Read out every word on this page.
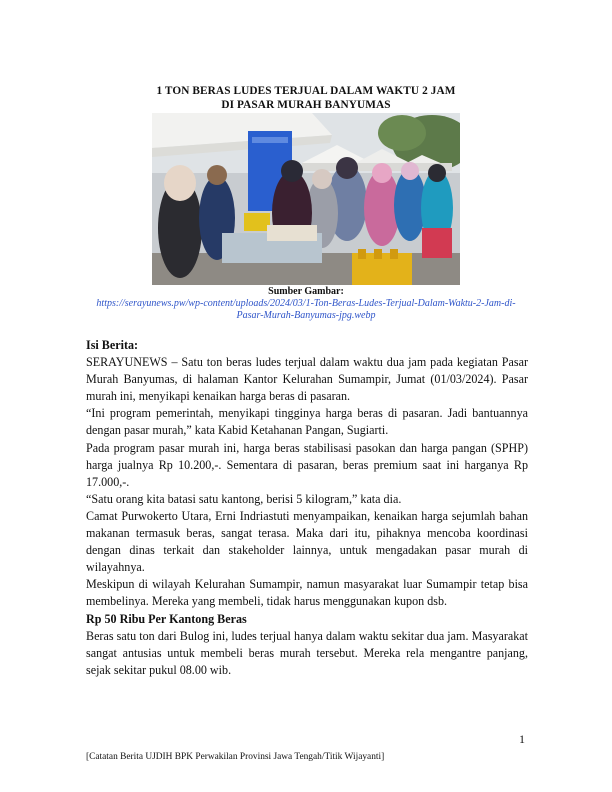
1 TON BERAS LUDES TERJUAL DALAM WAKTU 2 JAM
DI PASAR MURAH BANYUMAS
Sumber Gambar:
https://serayunews.pw/wp-content/uploads/2024/03/1-Ton-Beras-Ludes-Terjual-Dalam-Waktu-2-Jam-di-
Pasar-Murah-Banyumas-jpg.webp
Isi Berita:

SERAYUNEWS – Satu ton beras ludes terjual dalam waktu dua jam pada kegiatan Pasar Murah Banyumas, di halaman Kantor Kelurahan Sumampir, Jumat (01/03/2024). Pasar murah ini, menyikapi kenaikan harga beras di pasaran.

“Ini program pemerintah, menyikapi tingginya harga beras di pasaran. Jadi bantuannya dengan pasar murah,” kata Kabid Ketahanan Pangan, Sugiarti.

Pada program pasar murah ini, harga beras stabilisasi pasokan dan harga pangan (SPHP) harga jualnya Rp 10.200,-. Sementara di pasaran, beras premium saat ini harganya Rp 17.000,-.

“Satu orang kita batasi satu kantong, berisi 5 kilogram,” kata dia.

Camat Purwokerto Utara, Erni Indriastuti menyampaikan, kenaikan harga sejumlah bahan makanan termasuk beras, sangat terasa. Maka dari itu, pihaknya mencoba koordinasi dengan dinas terkait dan stakeholder lainnya, untuk mengadakan pasar murah di wilayahnya.

Meskipun di wilayah Kelurahan Sumampir, namun masyarakat luar Sumampir tetap bisa membelinya. Mereka yang membeli, tidak harus menggunakan kupon dsb.

Rp 50 Ribu Per Kantong Beras

Beras satu ton dari Bulog ini, ludes terjual hanya dalam waktu sekitar dua jam. Masyarakat sangat antusias untuk membeli beras murah tersebut. Mereka rela mengantre panjang, sejak sekitar pukul 08.00 wib.

1
[Catatan Berita UJDIH BPK Perwakilan Provinsi Jawa Tengah/Titik Wijayanti]
